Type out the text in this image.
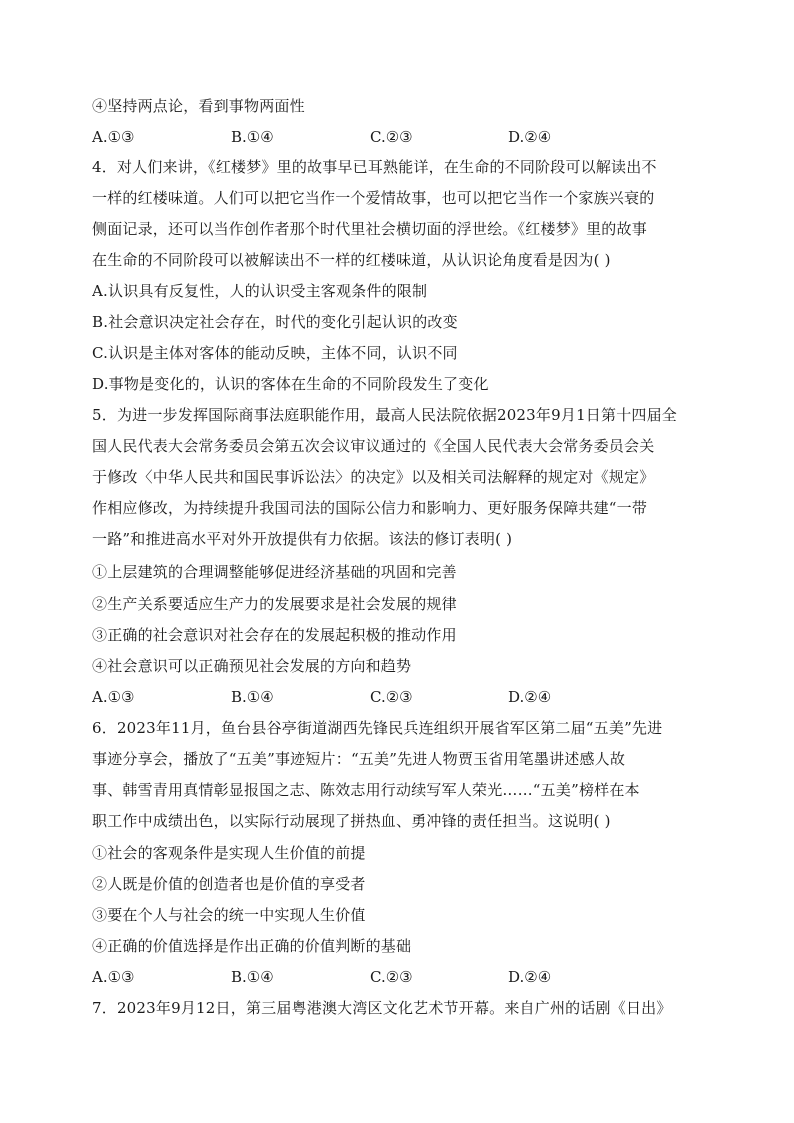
④坚持两点论，看到事物两面性
A.①③	B.①④	C.②③	D.②④
4．对人们来讲，《红楼梦》里的故事早已耳熟能详，在生命的不同阶段可以解读出不
一样的红楼味道。人们可以把它当作一个爱情故事，也可以把它当作一个家族兴衰的
侧面记录，还可以当作创作者那个时代里社会横切面的浮世绘。《红楼梦》里的故事
在生命的不同阶段可以被解读出不一样的红楼味道，从认识论角度看是因为( )
A.认识具有反复性，人的认识受主客观条件的限制
B.社会意识决定社会存在，时代的变化引起认识的改变
C.认识是主体对客体的能动反映，主体不同，认识不同
D.事物是变化的，认识的客体在生命的不同阶段发生了变化
5．为进一步发挥国际商事法庭职能作用，最高人民法院依据2023年9月1日第十四届全
国人民代表大会常务委员会第五次会议审议通过的《全国人民代表大会常务委员会关
于修改〈中华人民共和国民事诉讼法〉的决定》以及相关司法解释的规定对《规定》
作相应修改，为持续提升我国司法的国际公信力和影响力、更好服务保障共建“一带
一路”和推进高水平对外开放提供有力依据。该法的修订表明( )
①上层建筑的合理调整能够促进经济基础的巩固和完善
②生产关系要适应生产力的发展要求是社会发展的规律
③正确的社会意识对社会存在的发展起积极的推动作用
④社会意识可以正确预见社会发展的方向和趋势
A.①③	B.①④	C.②③	D.②④
6．2023年11月，鱼台县谷亭街道湖西先锋民兵连组织开展省军区第二届“五美”先进
事迹分享会，播放了“五美”事迹短片：“五美”先进人物贾玉省用笔墨讲述感人故
事、韩雪青用真情彰显报国之志、陈效志用行动续写军人荣光……“五美”榜样在本
职工作中成绩出色，以实际行动展现了拼热血、勇冲锋的责任担当。这说明( )
①社会的客观条件是实现人生价值的前提
②人既是价值的创造者也是价值的享受者
③要在个人与社会的统一中实现人生价值
④正确的价值选择是作出正确的价值判断的基础
A.①③	B.①④	C.②③	D.②④
7．2023年9月12日，第三届粤港澳大湾区文化艺术节开幕。来自广州的话剧《日出》
